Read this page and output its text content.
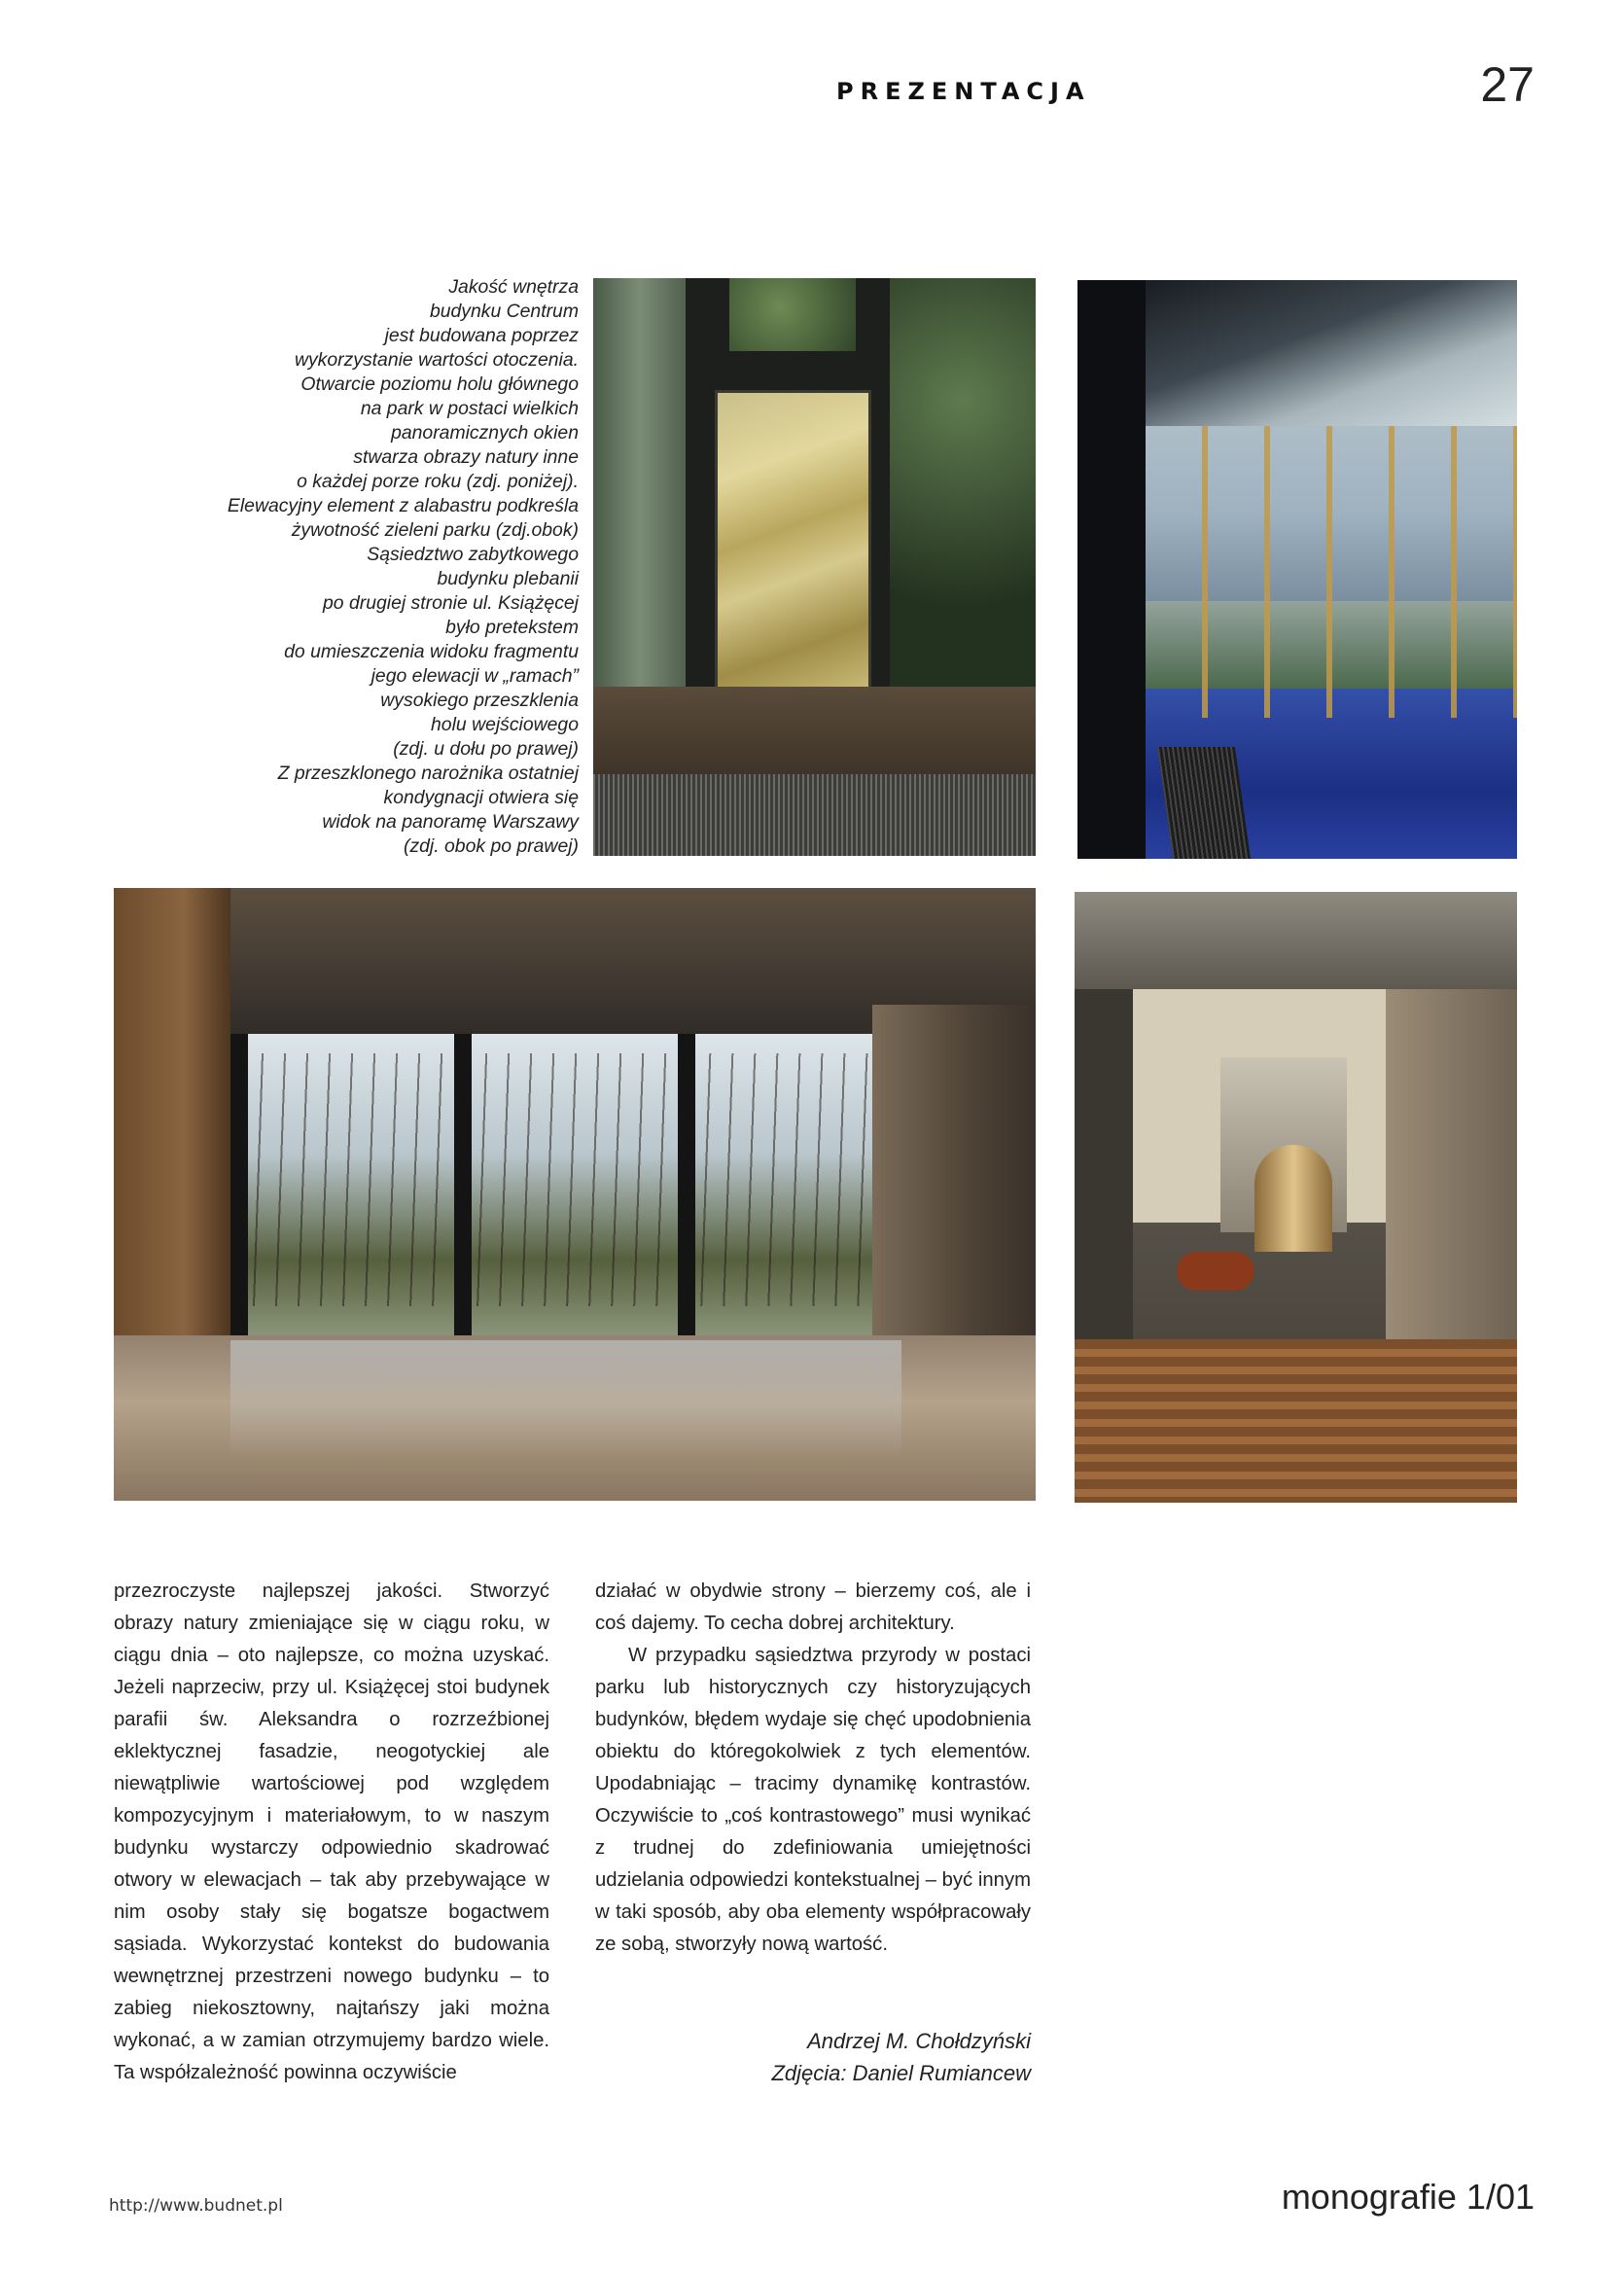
PREZENTACJA	27
Jakość wnętrza
budynku Centrum
jest budowana poprzez
wykorzystanie wartości otoczenia.
Otwarcie poziomu holu głównego
na park w postaci wielkich
panoramicznych okien
stwarza obrazy natury inne
o każdej porze roku (zdj. poniżej).
Elewacyjny element z alabastru podkreśla
żywotność zieleni parku (zdj.obok)
Sąsiedztwo zabytkowego
budynku plebanii
po drugiej stronie ul. Książęcej
było pretekstem
do umieszczenia widoku fragmentu
jego elewacji w „ramach”
wysokiego przeszklenia
holu wejściowego
(zdj. u dołu po prawej)
Z przeszklonego narożnika ostatniej
kondygnacji otwiera się
widok na panoramę Warszawy
(zdj. obok po prawej)

przezroczyste najlepszej jakości. Stworzyć obrazy natury zmieniające się w ciągu roku, w ciągu dnia – oto najlepsze, co można uzyskać. Jeżeli naprzeciw, przy ul. Książęcej stoi budynek parafii św. Aleksandra o rozrzeźbionej eklektycznej fasadzie, neogotyckiej ale niewątpliwie wartościowej pod względem kompozycyjnym i materiałowym, to w naszym budynku wystarczy odpowiednio skadrować otwory w elewacjach – tak aby przebywające w nim osoby stały się bogatsze bogactwem sąsiada. Wykorzystać kontekst do budowania wewnętrznej przestrzeni nowego budynku – to zabieg niekosztowny, najtańszy jaki można wykonać, a w zamian otrzymujemy bardzo wiele. Ta współzależność powinna oczywiście

działać w obydwie strony – bierzemy coś, ale i coś dajemy. To cecha dobrej architektury.

W przypadku sąsiedztwa przyrody w postaci parku lub historycznych czy historyzujących budynków, błędem wydaje się chęć upodobnienia obiektu do któregokolwiek z tych elementów. Upodabniając – tracimy dynamikę kontrastów. Oczywiście to „coś kontrastowego” musi wynikać z trudnej do zdefiniowania umiejętności udzielania odpowiedzi kontekstualnej – być innym w taki sposób, aby oba elementy współpracowały ze sobą, stworzyły nową wartość.

Andrzej M. Chołdzyński
Zdjęcia: Daniel Rumiancew
http://www.budnet.pl	monografie 1/01
